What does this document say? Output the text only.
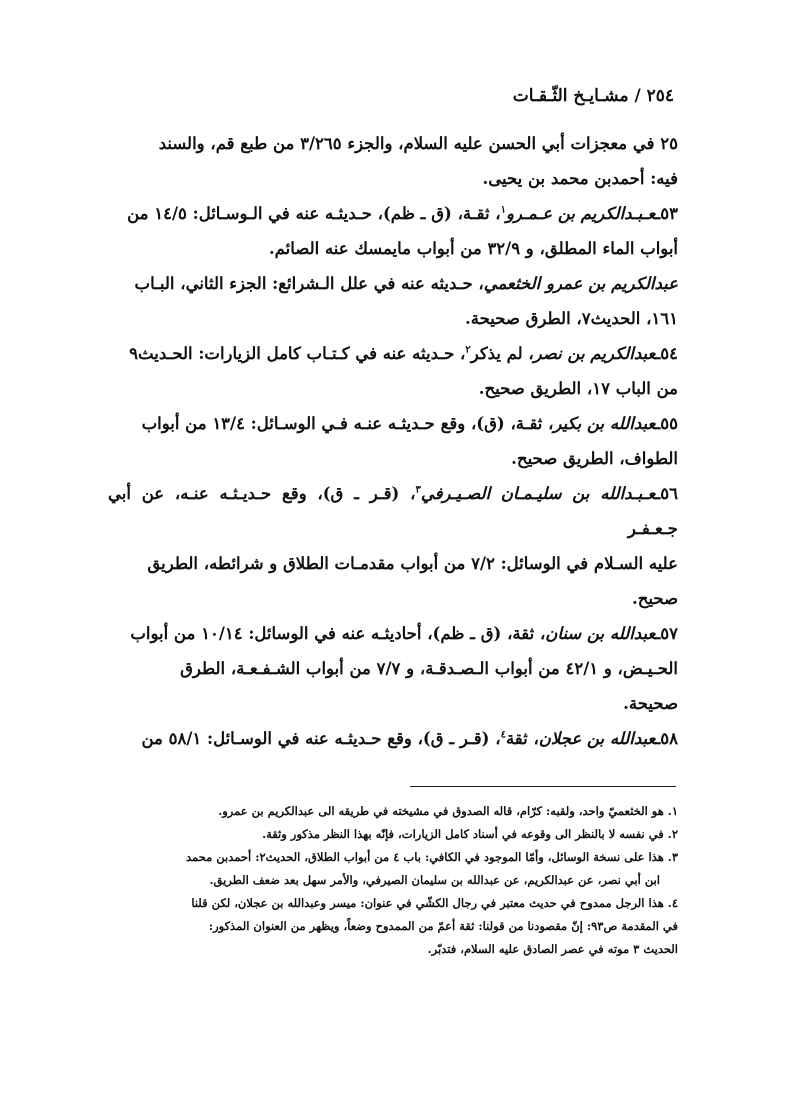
٢٥٤ / مشـايـخ الثّـقـات

٢٥ في معجزات أبي الحسن عليه السلام، والجزء ٣/٢٦٥ من طبع قم، والسند
فيه: أحمدبن محمد بن يحيى.

٥٣ـعـبـدالكريم بن عـمـرو$^١$، ثقـة، (ق ـ ظم)، حـديثـه عنه في الـوسـائل: ١٤/٥ من
أبواب الماء المطلق، و ٣٢/٩ من أبواب مايمسك عنه الصائم.

عبدالكريم بن عمرو الخثعمي، حـديثه عنه في علل الـشرائع: الجزء الثاني، البـاب
١٦١، الحديث٧، الطرق صحيحة.

٥٤ـعبدالكريم بن نصر، لم يذكر$^٢$، حـديثه عنه في كـتـاب كامل الزيارات: الحـديث٩
من الباب ١٧، الطريق صحيح.

٥٥ـعبدالله بن بكير، ثقـة، (ق)، وقع حـديثـه عنـه فـي الوسـائل: ١٣/٤ من أبواب
الطواف، الطريق صحيح.

٥٦ـعـبـدالله بن سليـمـان الصـيـرفي$^٣$، (قـر ـ ق)، وقع حـديـثـه عنـه، عن أبي جـعـفـر
عليه السـلام في الوسائل: ٧/٢ من أبواب مقدمـات الطلاق و شرائطه، الطريق
صحيح.

٥٧ـعبدالله بن سنان، ثقة، (ق ـ ظم)، أحاديثـه عنه في الوسائل: ١٠/١٤ من أبواب
الحـيـض، و ٤٢/١ من أبواب الـصـدقـة، و ٧/٧ من أبواب الشـفـعـة، الطرق
صحيحة.

٥٨ـعبدالله بن عجلان، ثقة$^٤$، (قـر ـ ق)، وقع حـديثـه عنه في الوسـائل: ٥٨/١ من

١. هو الخثعميّ واحد، ولقبه: كرّام، قاله الصدوق في مشيخته في طريقه الى عبدالكريم بن عمرو.

٢. في نفسه لا بالنظر الى وقوعه في أسناد كامل الزيارات، فإنّه بهذا النظر مذكور وثقة.

٣. هذا على نسخة الوسائل، وأمّا الموجود في الكافي: باب ٤ من أبواب الطلاق، الحديث٢: أحمدبن محمد
ابن أبي نصر، عن عبدالكريم، عن عبدالله بن سليمان الصيرفي، والأمر سهل بعد ضعف الطريق.

٤. هذا الرجل ممدوح في حديث معتبر في رجال الكشّي في عنوان: ميسر وعبدالله بن عجلان، لكن قلنا
في المقدمة ص٩٣: إنّ مقصودنا من قولنا: ثقة أعمّ من الممدوح وضعاً، ويظهر من العنوان المذكور:
الحديث ٣ موته في عصر الصادق عليه السلام، فتدبّر.
